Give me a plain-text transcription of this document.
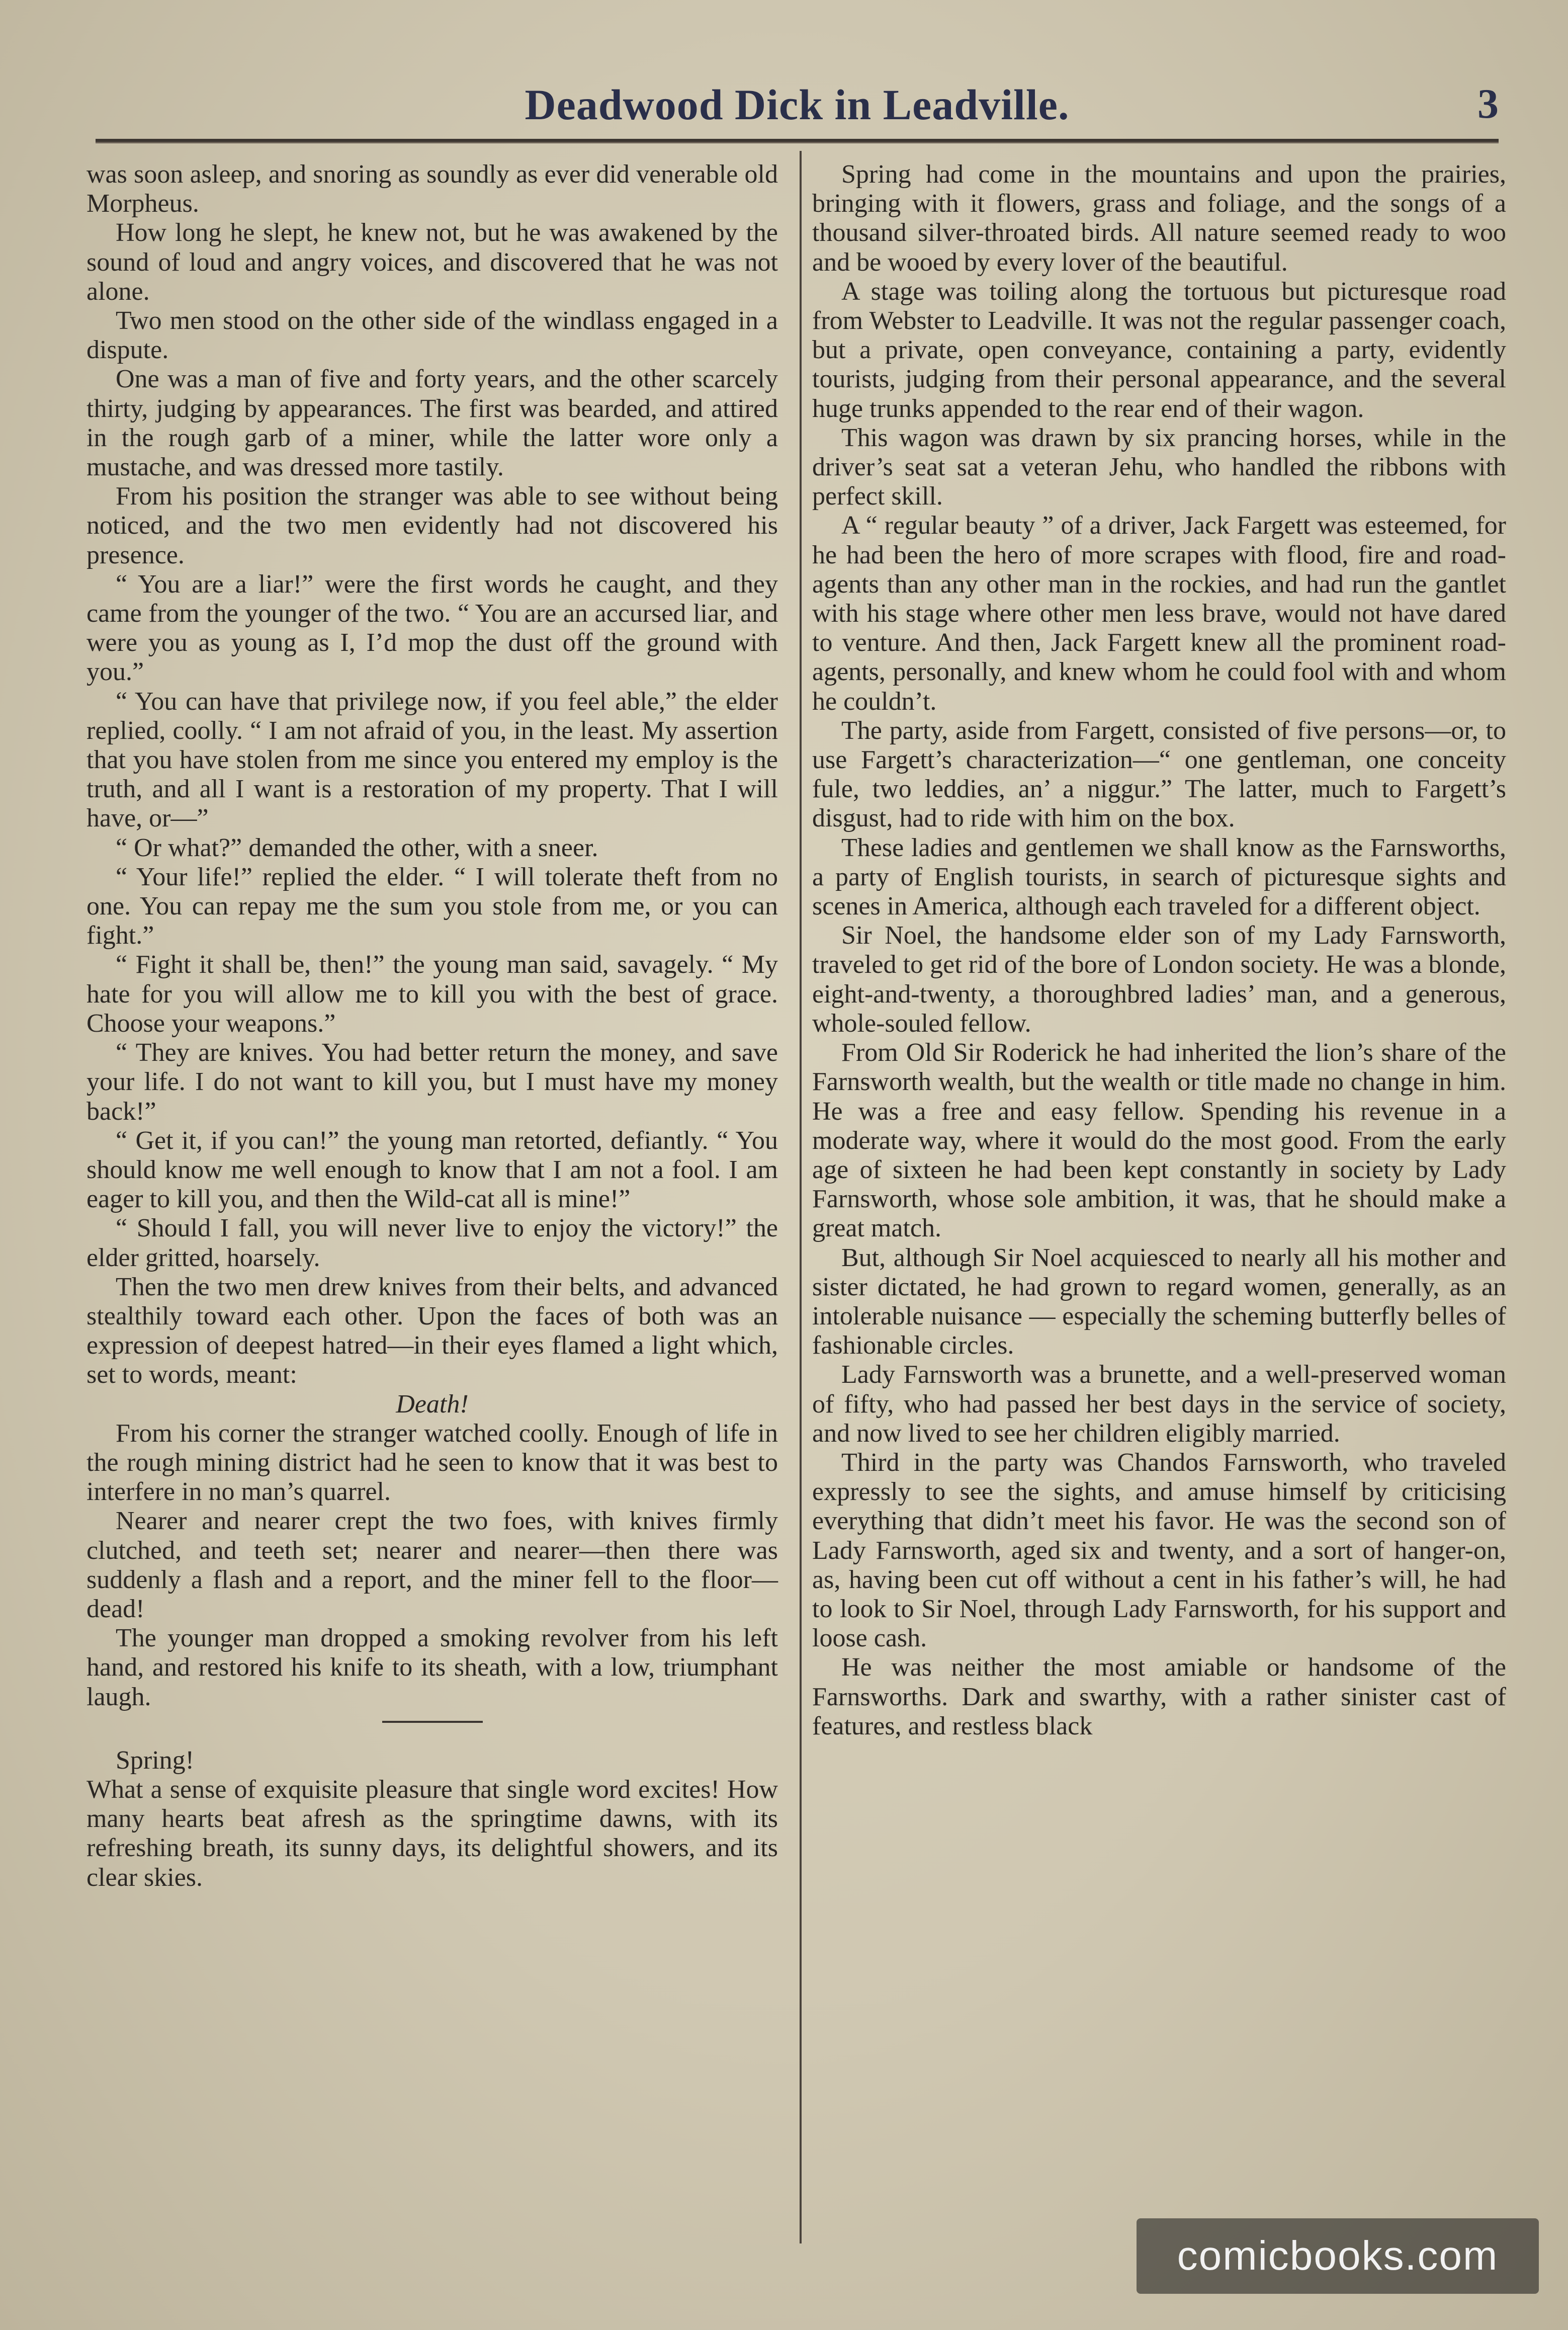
Deadwood Dick in Leadville.	3

was soon asleep, and snoring as soundly as ever did venerable old Morpheus.

How long he slept, he knew not, but he was awakened by the sound of loud and angry voices, and discovered that he was not alone.

Two men stood on the other side of the windlass engaged in a dispute.

One was a man of five and forty years, and the other scarcely thirty, judging by appearances. The first was bearded, and attired in the rough garb of a miner, while the latter wore only a mustache, and was dressed more tastily.

From his position the stranger was able to see without being noticed, and the two men evidently had not discovered his presence.

“ You are a liar!” were the first words he caught, and they came from the younger of the two. “ You are an accursed liar, and were you as young as I, I’d mop the dust off the ground with you.”

“ You can have that privilege now, if you feel able,” the elder replied, coolly. “ I am not afraid of you, in the least. My assertion that you have stolen from me since you entered my employ is the truth, and all I want is a restoration of my property. That I will have, or—”

“ Or what?” demanded the other, with a sneer.

“ Your life!” replied the elder. “ I will tolerate theft from no one. You can repay me the sum you stole from me, or you can fight.”

“ Fight it shall be, then!” the young man said, savagely. “ My hate for you will allow me to kill you with the best of grace. Choose your weapons.”

“ They are knives. You had better return the money, and save your life. I do not want to kill you, but I must have my money back!”

“ Get it, if you can!” the young man retorted, defiantly. “ You should know me well enough to know that I am not a fool. I am eager to kill you, and then the Wild-cat all is mine!”

“ Should I fall, you will never live to enjoy the victory!” the elder gritted, hoarsely.

Then the two men drew knives from their belts, and advanced stealthily toward each other. Upon the faces of both was an expression of deepest hatred—in their eyes flamed a light which, set to words, meant:

Death!

From his corner the stranger watched coolly. Enough of life in the rough mining district had he seen to know that it was best to interfere in no man’s quarrel.

Nearer and nearer crept the two foes, with knives firmly clutched, and teeth set; nearer and nearer—then there was suddenly a flash and a report, and the miner fell to the floor—dead!

The younger man dropped a smoking revolver from his left hand, and restored his knife to its sheath, with a low, triumphant laugh.

Spring!

What a sense of exquisite pleasure that single word excites! How many hearts beat afresh as the springtime dawns, with its refreshing breath, its sunny days, its delightful showers, and its clear skies.

Spring had come in the mountains and upon the prairies, bringing with it flowers, grass and foliage, and the songs of a thousand silver-throated birds. All nature seemed ready to woo and be wooed by every lover of the beautiful.

A stage was toiling along the tortuous but picturesque road from Webster to Leadville. It was not the regular passenger coach, but a private, open conveyance, containing a party, evidently tourists, judging from their personal appearance, and the several huge trunks appended to the rear end of their wagon.

This wagon was drawn by six prancing horses, while in the driver’s seat sat a veteran Jehu, who handled the ribbons with perfect skill.

A “ regular beauty ” of a driver, Jack Fargett was esteemed, for he had been the hero of more scrapes with flood, fire and road-agents than any other man in the rockies, and had run the gantlet with his stage where other men less brave, would not have dared to venture. And then, Jack Fargett knew all the prominent road-agents, personally, and knew whom he could fool with and whom he couldn’t.

The party, aside from Fargett, consisted of five persons—or, to use Fargett’s characterization—“ one gentleman, one conceity fule, two leddies, an’ a niggur.” The latter, much to Fargett’s disgust, had to ride with him on the box.

These ladies and gentlemen we shall know as the Farnsworths, a party of English tourists, in search of picturesque sights and scenes in America, although each traveled for a different object.

Sir Noel, the handsome elder son of my Lady Farnsworth, traveled to get rid of the bore of London society. He was a blonde, eight-and-twenty, a thoroughbred ladies’ man, and a generous, whole-souled fellow.

From Old Sir Roderick he had inherited the lion’s share of the Farnsworth wealth, but the wealth or title made no change in him. He was a free and easy fellow. Spending his revenue in a moderate way, where it would do the most good. From the early age of sixteen he had been kept constantly in society by Lady Farnsworth, whose sole ambition, it was, that he should make a great match.

But, although Sir Noel acquiesced to nearly all his mother and sister dictated, he had grown to regard women, generally, as an intolerable nuisance — especially the scheming butterfly belles of fashionable circles.

Lady Farnsworth was a brunette, and a well-preserved woman of fifty, who had passed her best days in the service of society, and now lived to see her children eligibly married.

Third in the party was Chandos Farnsworth, who traveled expressly to see the sights, and amuse himself by criticising everything that didn’t meet his favor. He was the second son of Lady Farnsworth, aged six and twenty, and a sort of hanger-on, as, having been cut off without a cent in his father’s will, he had to look to Sir Noel, through Lady Farnsworth, for his support and loose cash.

He was neither the most amiable or handsome of the Farnsworths. Dark and swarthy, with a rather sinister cast of features, and restless black

comicbooks.com
